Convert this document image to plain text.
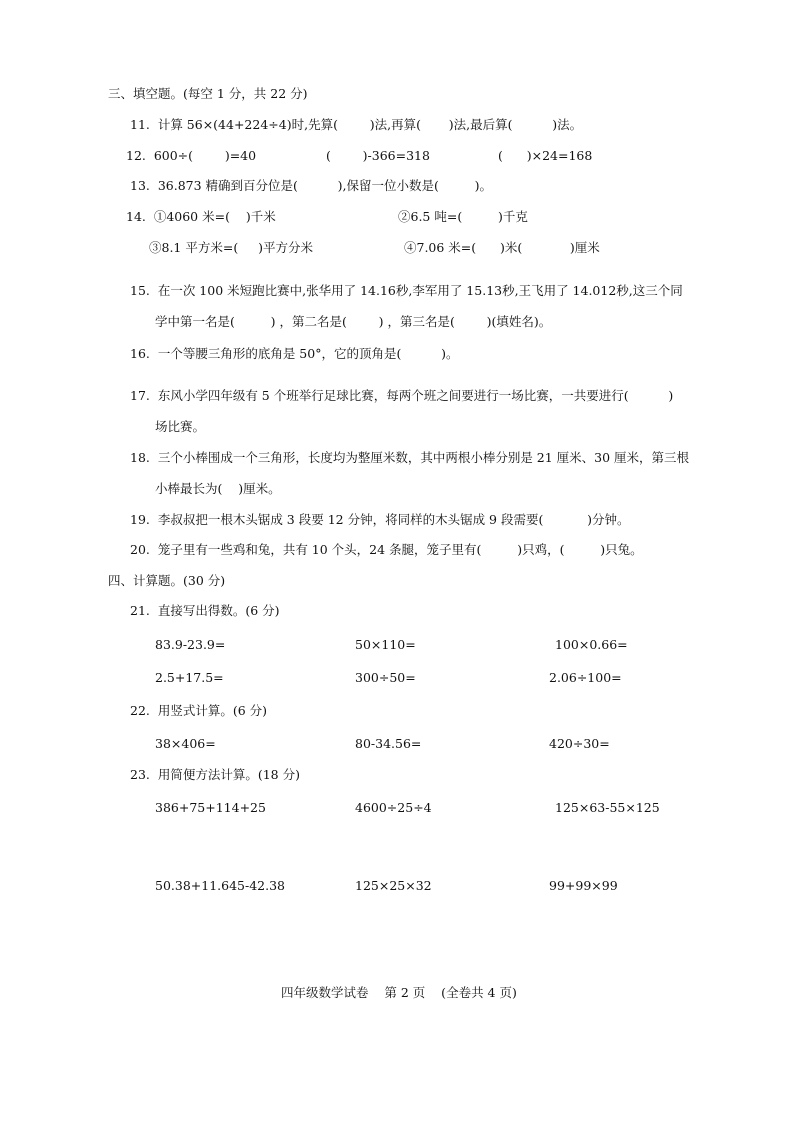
三、填空题。(每空 1 分，共 22 分)
11.  计算 56×(44+224÷4)时,先算(        )法,再算(       )法,最后算(          )法。
12.  600÷(        )=40	(        )-366=318	(      )×24=168
13.  36.873 精确到百分位是(          ),保留一位小数是(         )。
14.  ①4060 米=(    )千米	②6.5 吨=(         )千克
③8.1 平方米=(     )平方分米	④7.06 米=(      )米(            )厘米
15.  在一次 100 米短跑比赛中,张华用了 14.16秒,李军用了 15.13秒,王飞用了 14.012秒,这三个同
学中第一名是(         ) ，第二名是(        ) ，第三名是(        )(填姓名)。
16.  一个等腰三角形的底角是 50°，它的顶角是(          )。
17.  东风小学四年级有 5 个班举行足球比赛，每两个班之间要进行一场比赛，一共要进行(          )
场比赛。
18.  三个小棒围成一个三角形，长度均为整厘米数，其中两根小棒分别是 21 厘米、30 厘米，第三根
小棒最长为(    )厘米。
19.  李叔叔把一根木头锯成 3 段要 12 分钟，将同样的木头锯成 9 段需要(           )分钟。
20.  笼子里有一些鸡和兔，共有 10 个头，24 条腿，笼子里有(         )只鸡，(         )只兔。
四、计算题。(30 分)
21.  直接写出得数。(6 分)
83.9-23.9=	50×110=	100×0.66=
2.5+17.5=	300÷50=	2.06÷100=
22.  用竖式计算。(6 分)
38×406=	80-34.56=	420÷30=
23.  用简便方法计算。(18 分)
386+75+114+25	4600÷25÷4	125×63-55×125
50.38+11.645-42.38	125×25×32	99+99×99
四年级数学试卷    第 2 页    (全卷共 4 页)
